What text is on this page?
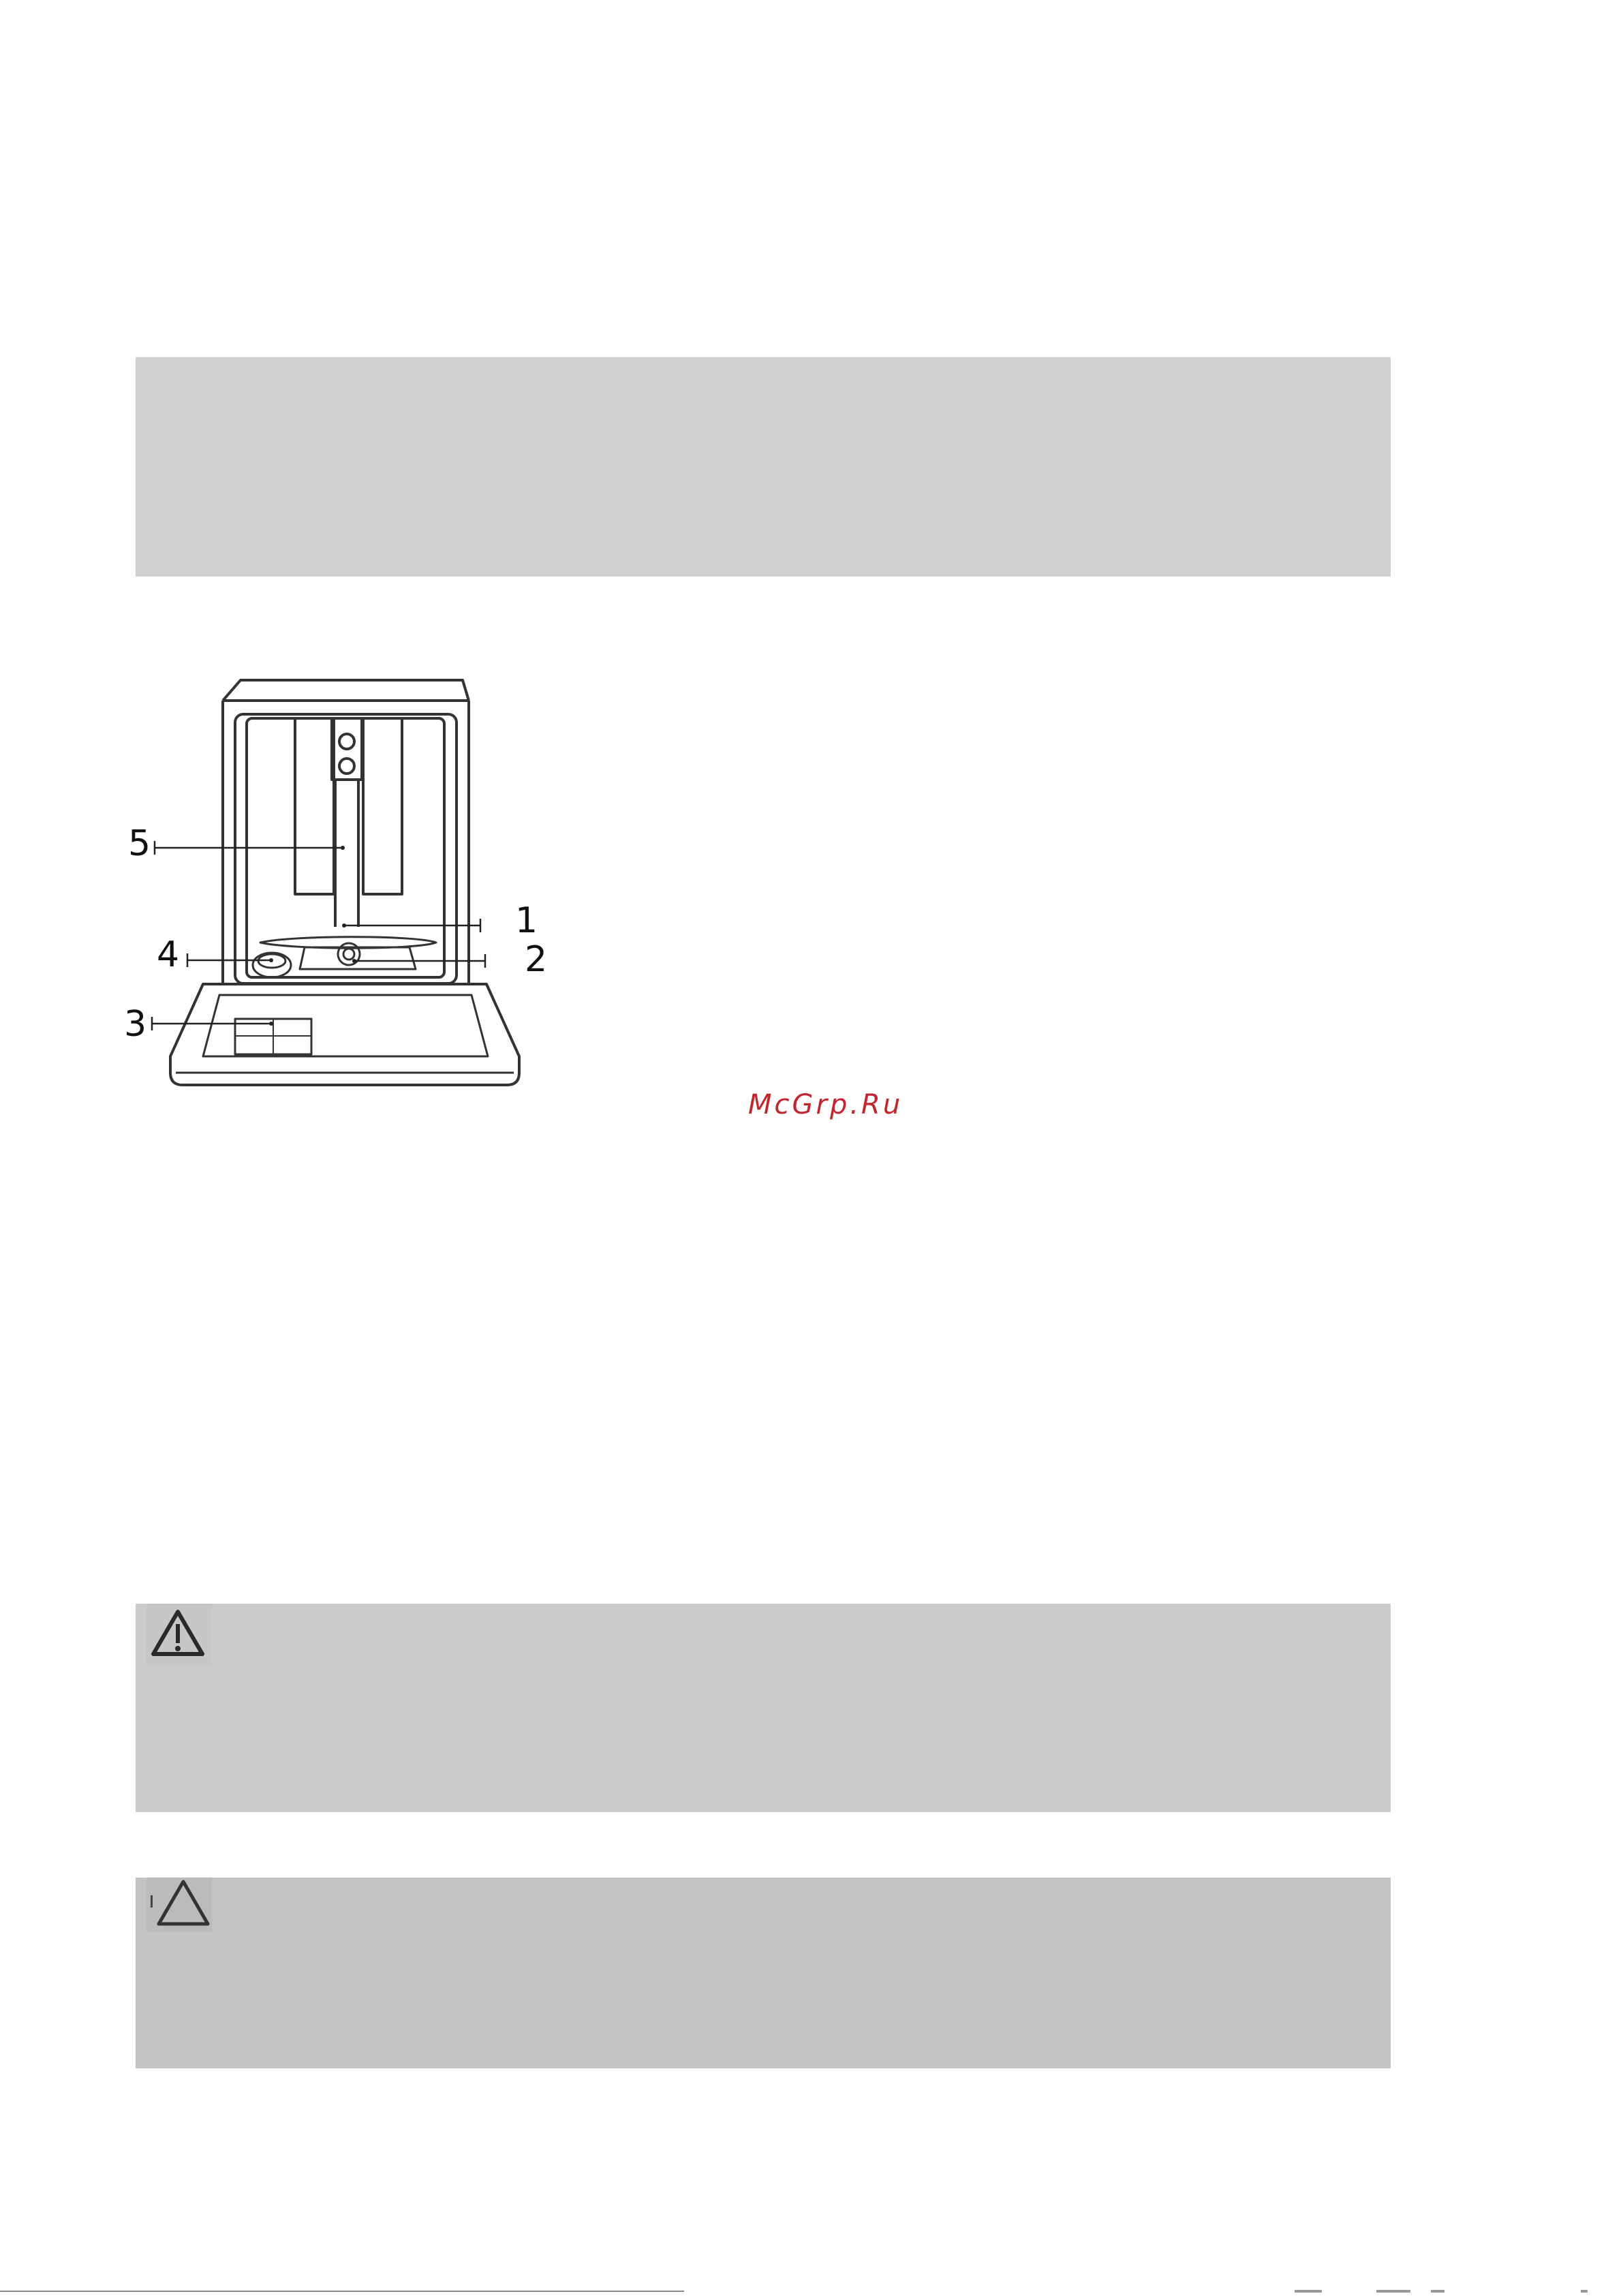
5
1
2
4
3
McGrp.Ru
